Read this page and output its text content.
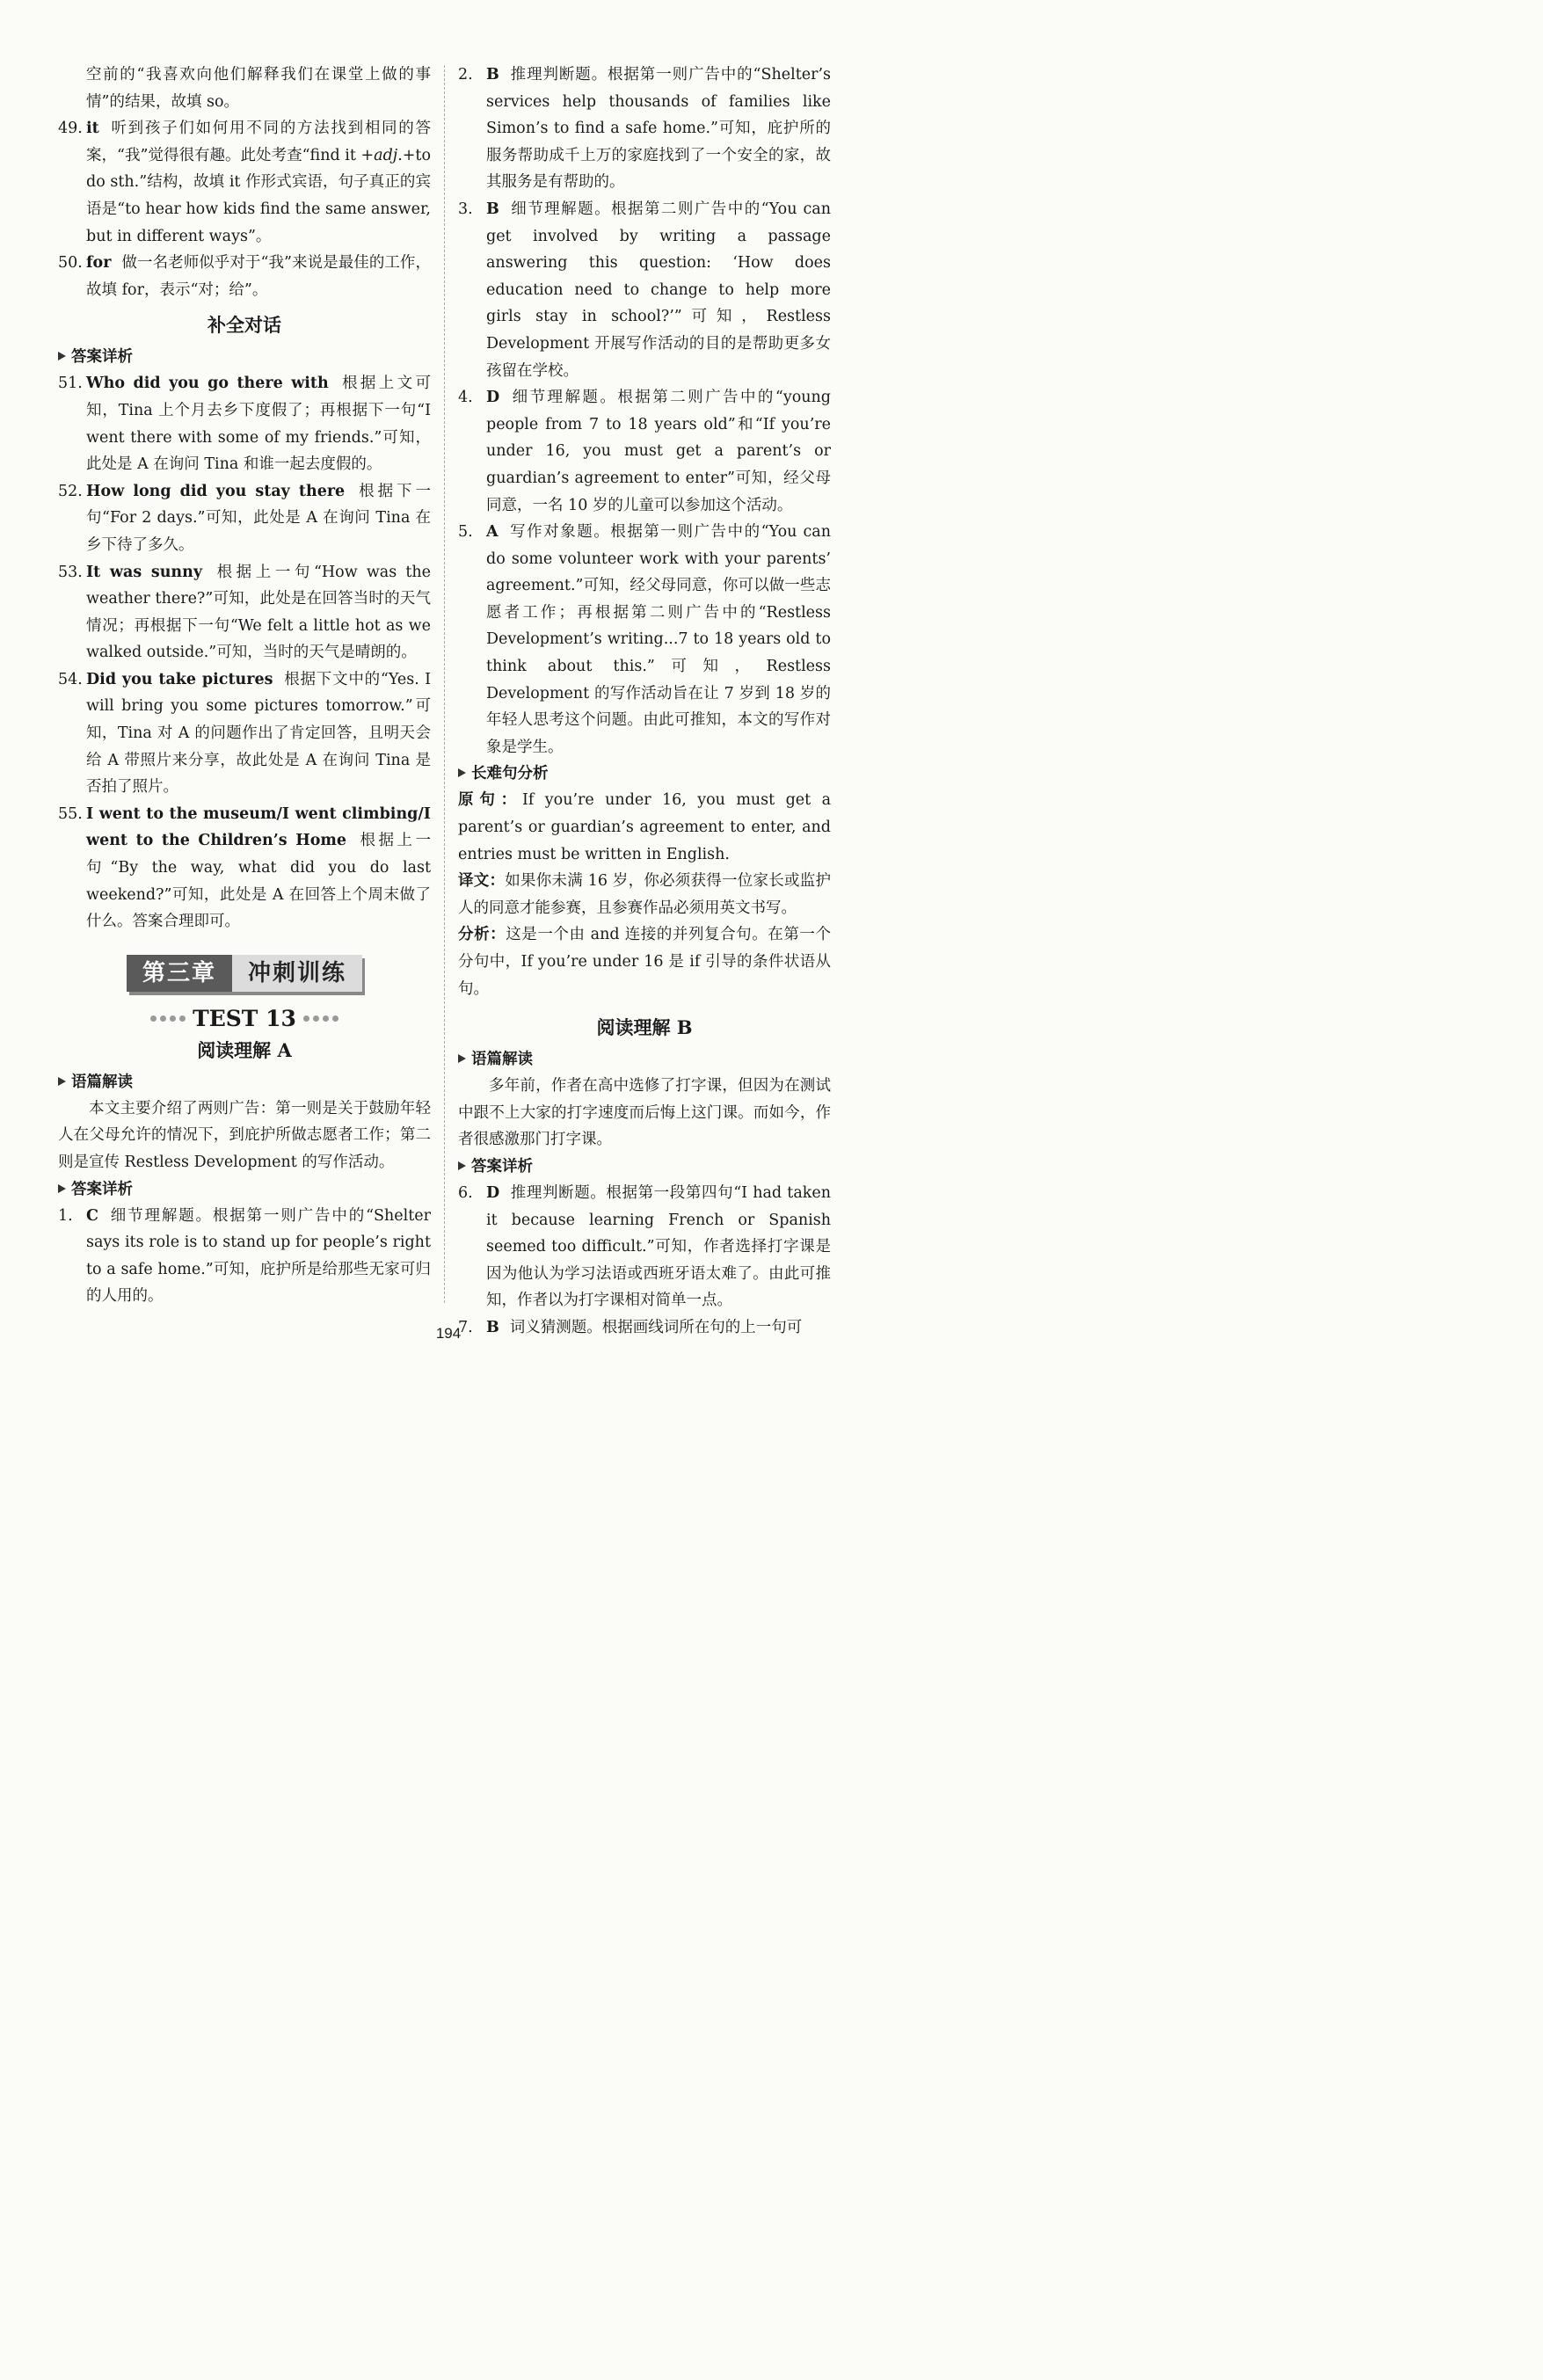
空前的“我喜欢向他们解释我们在课堂上做的事情”的结果，故填 so。

49. it 听到孩子们如何用不同的方法找到相同的答案，“我”觉得很有趣。此处考查“find it +adj.+to do sth.”结构，故填 it 作形式宾语，句子真正的宾语是“to hear how kids find the same answer, but in different ways”。
50. for 做一名老师似乎对于“我”来说是最佳的工作，故填 for，表示“对；给”。
补全对话
答案详析
51. Who did you go there with 根据上文可知，Tina 上个月去乡下度假了；再根据下一句“I went there with some of my friends.”可知，此处是 A 在询问 Tina 和谁一起去度假的。
52. How long did you stay there 根据下一句“For 2 days.”可知，此处是 A 在询问 Tina 在乡下待了多久。
53. It was sunny 根据上一句“How was the weather there?”可知，此处是在回答当时的天气情况；再根据下一句“We felt a little hot as we walked outside.”可知，当时的天气是晴朗的。
54. Did you take pictures 根据下文中的“Yes. I will bring you some pictures tomorrow.”可知，Tina 对 A 的问题作出了肯定回答，且明天会给 A 带照片来分享，故此处是 A 在询问 Tina 是否拍了照片。
55. I went to the museum/I went climbing/I went to the Children’s Home 根据上一句“By the way, what did you do last weekend?”可知，此处是 A 在回答上个周末做了什么。答案合理即可。
第三章	冲刺训练
TEST 13
阅读理解 A
语篇解读

本文主要介绍了两则广告：第一则是关于鼓励年轻人在父母允许的情况下，到庇护所做志愿者工作；第二则是宣传 Restless Development 的写作活动。

答案详析
1. C 细节理解题。根据第一则广告中的“Shelter says its role is to stand up for people’s right to a safe home.”可知，庇护所是给那些无家可归的人用的。
2. B 推理判断题。根据第一则广告中的“Shelter’s services help thousands of families like Simon’s to find a safe home.”可知，庇护所的服务帮助成千上万的家庭找到了一个安全的家，故其服务是有帮助的。
3. B 细节理解题。根据第二则广告中的“You can get involved by writing a passage answering this question: ‘How does education need to change to help more girls stay in school?’”可知，Restless Development 开展写作活动的目的是帮助更多女孩留在学校。
4. D 细节理解题。根据第二则广告中的“young people from 7 to 18 years old”和“If you’re under 16, you must get a parent’s or guardian’s agreement to enter”可知，经父母同意，一名 10 岁的儿童可以参加这个活动。
5. A 写作对象题。根据第一则广告中的“You can do some volunteer work with your parents’ agreement.”可知，经父母同意，你可以做一些志愿者工作；再根据第二则广告中的“Restless Development’s writing...7 to 18 years old to think about this.”可知，Restless Development 的写作活动旨在让 7 岁到 18 岁的年轻人思考这个问题。由此可推知，本文的写作对象是学生。
长难句分析

原句：If you’re under 16, you must get a parent’s or guardian’s agreement to enter, and entries must be written in English.

译文：如果你未满 16 岁，你必须获得一位家长或监护人的同意才能参赛，且参赛作品必须用英文书写。

分析：这是一个由 and 连接的并列复合句。在第一个分句中，If you’re under 16 是 if 引导的条件状语从句。

阅读理解 B
语篇解读

多年前，作者在高中选修了打字课，但因为在测试中跟不上大家的打字速度而后悔上这门课。而如今，作者很感激那门打字课。

答案详析
6. D 推理判断题。根据第一段第四句“I had taken it because learning French or Spanish seemed too difficult.”可知，作者选择打字课是因为他认为学习法语或西班牙语太难了。由此可推知，作者以为打字课相对简单一点。
7. B 词义猜测题。根据画线词所在句的上一句可
194
